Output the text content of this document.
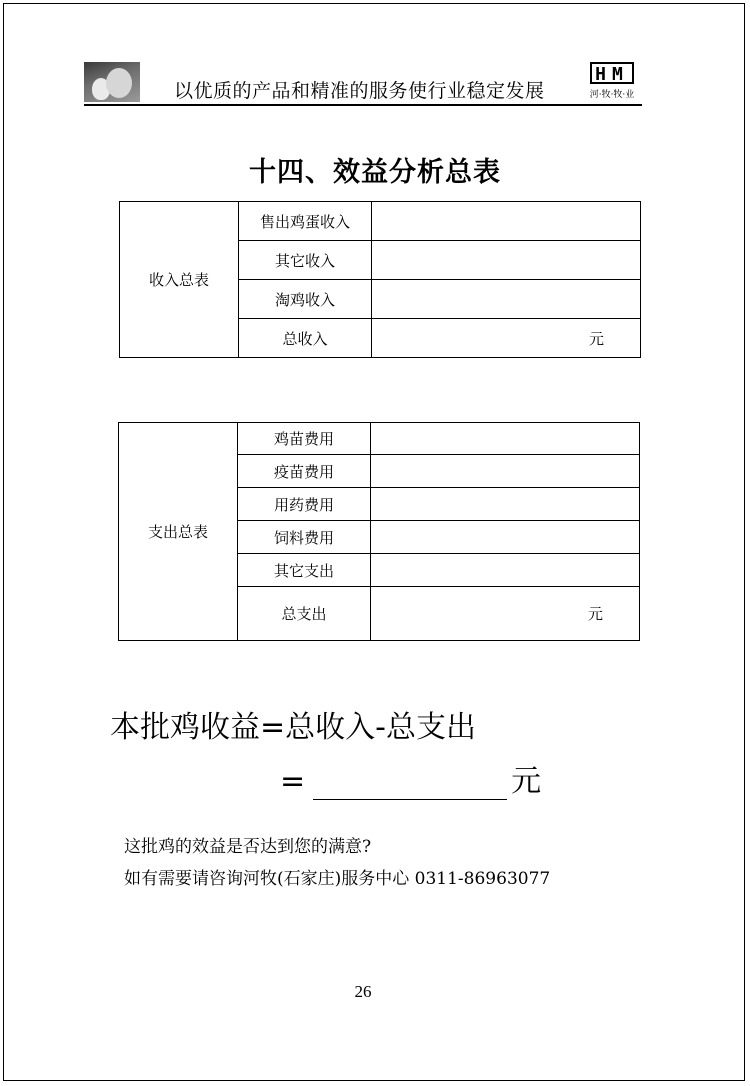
以优质的产品和精准的服务使行业稳定发展
HM
河·牧·牧·业
十四、效益分析总表
收入总表	售出鸡蛋收入	
	其它收入	
	淘鸡收入	
	总收入	元
支出总表	鸡苗费用	
	疫苗费用	
	用药费用	
	饲料费用	
	其它支出	
	总支出	元
本批鸡收益=总收入-总支出
=	元
这批鸡的效益是否达到您的满意?
如有需要请咨询河牧(石家庄)服务中心 0311-86963077
26
